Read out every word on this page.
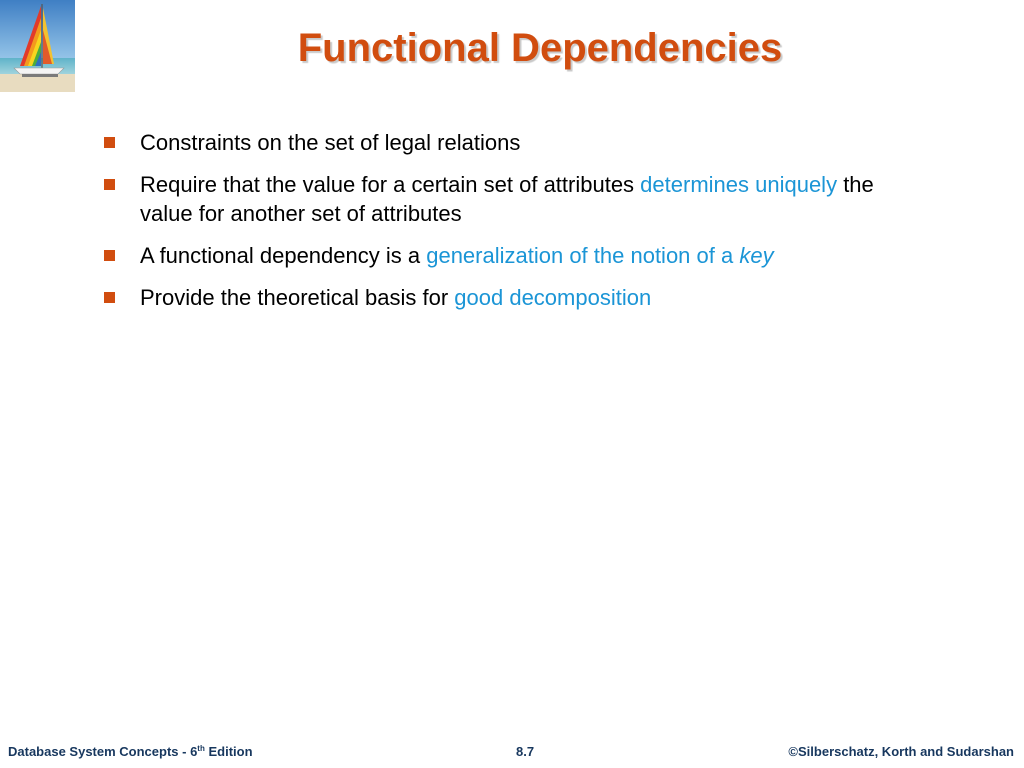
Functional Dependencies
Constraints on the set of legal relations
Require that the value for a certain set of attributes determines uniquely the value for another set of attributes
A functional dependency is a generalization of the notion of a key
Provide the theoretical basis for good decomposition
Database System Concepts - 6th Edition	8.7	©Silberschatz, Korth and Sudarshan
